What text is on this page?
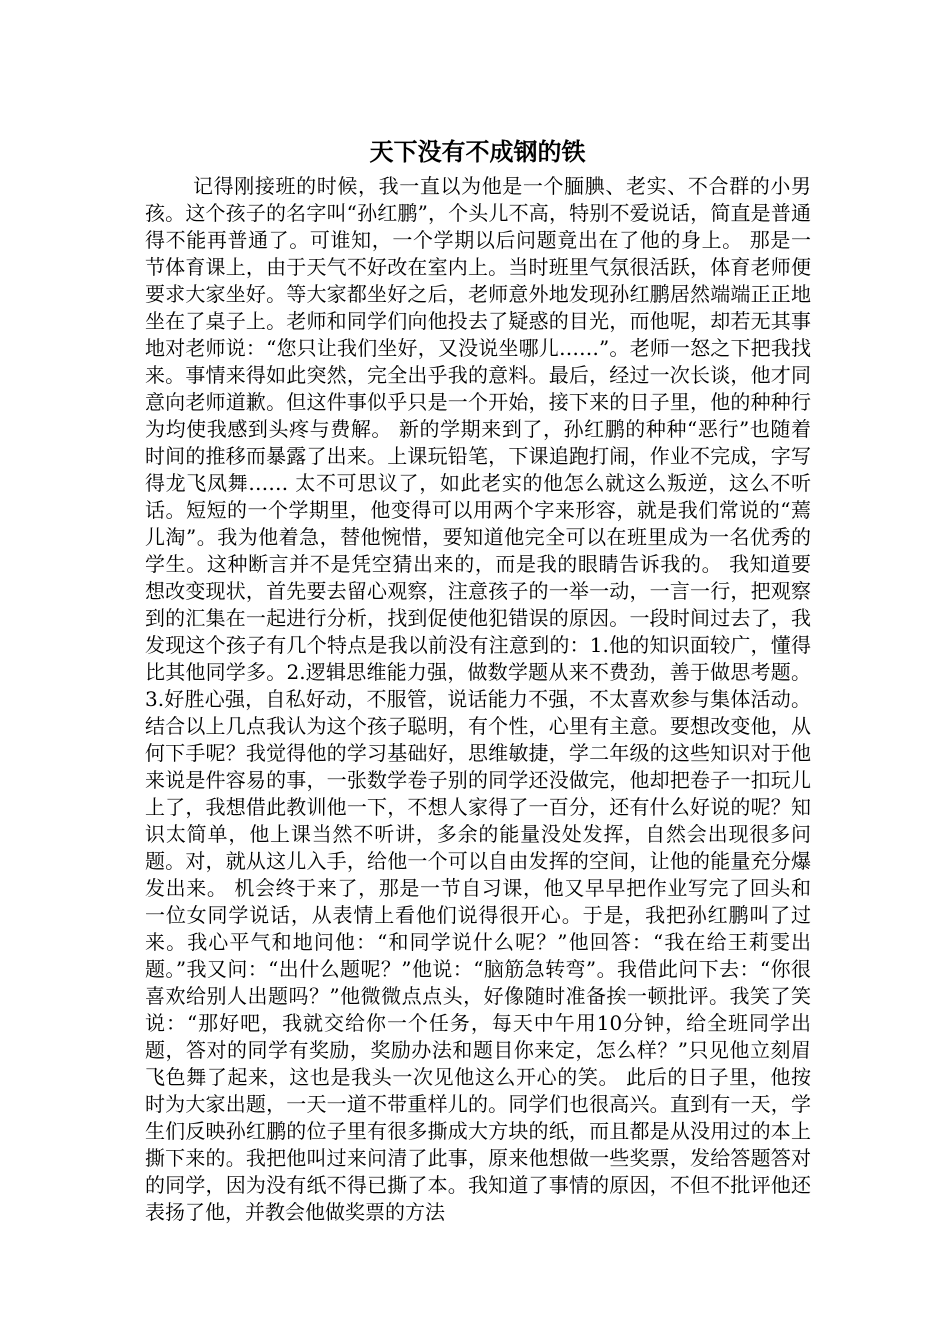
天下没有不成钢的铁

记得刚接班的时候，我一直以为他是一个腼腆、老实、不合群的小男孩。这个孩子的名字叫“孙红鹏”，个头儿不高，特别不爱说话，简直是普通得不能再普通了。可谁知，一个学期以后问题竟出在了他的身上。 那是一节体育课上，由于天气不好改在室内上。当时班里气氛很活跃，体育老师便要求大家坐好。等大家都坐好之后，老师意外地发现孙红鹏居然端端正正地坐在了桌子上。老师和同学们向他投去了疑惑的目光，而他呢，却若无其事地对老师说：“您只让我们坐好，又没说坐哪儿……”。老师一怒之下把我找来。事情来得如此突然，完全出乎我的意料。最后，经过一次长谈，他才同意向老师道歉。但这件事似乎只是一个开始，接下来的日子里，他的种种行为均使我感到头疼与费解。 新的学期来到了，孙红鹏的种种“恶行”也随着时间的推移而暴露了出来。上课玩铅笔，下课追跑打闹，作业不完成，字写得龙飞凤舞…… 太不可思议了，如此老实的他怎么就这么叛逆，这么不听话。短短的一个学期里，他变得可以用两个字来形容，就是我们常说的“蔫儿淘”。我为他着急，替他惋惜，要知道他完全可以在班里成为一名优秀的学生。这种断言并不是凭空猜出来的，而是我的眼睛告诉我的。 我知道要想改变现状，首先要去留心观察，注意孩子的一举一动，一言一行，把观察到的汇集在一起进行分析，找到促使他犯错误的原因。一段时间过去了，我发现这个孩子有几个特点是我以前没有注意到的：1.他的知识面较广，懂得比其他同学多。2.逻辑思维能力强，做数学题从来不费劲，善于做思考题。3.好胜心强，自私好动，不服管，说话能力不强，不太喜欢参与集体活动。结合以上几点我认为这个孩子聪明，有个性，心里有主意。要想改变他，从何下手呢？我觉得他的学习基础好，思维敏捷，学二年级的这些知识对于他来说是件容易的事，一张数学卷子别的同学还没做完，他却把卷子一扣玩儿上了，我想借此教训他一下，不想人家得了一百分，还有什么好说的呢？知识太简单，他上课当然不听讲，多余的能量没处发挥，自然会出现很多问题。对，就从这儿入手，给他一个可以自由发挥的空间，让他的能量充分爆发出来。 机会终于来了，那是一节自习课，他又早早把作业写完了回头和一位女同学说话，从表情上看他们说得很开心。于是，我把孙红鹏叫了过来。我心平气和地问他：“和同学说什么呢？”他回答：“我在给王莉雯出题。”我又问：“出什么题呢？”他说：“脑筋急转弯”。我借此问下去：“你很喜欢给别人出题吗？”他微微点点头，好像随时准备挨一顿批评。我笑了笑说：“那好吧，我就交给你一个任务，每天中午用10分钟，给全班同学出题，答对的同学有奖励，奖励办法和题目你来定，怎么样？”只见他立刻眉飞色舞了起来，这也是我头一次见他这么开心的笑。 此后的日子里，他按时为大家出题，一天一道不带重样儿的。同学们也很高兴。直到有一天，学生们反映孙红鹏的位子里有很多撕成大方块的纸，而且都是从没用过的本上撕下来的。我把他叫过来问清了此事，原来他想做一些奖票，发给答题答对的同学，因为没有纸不得已撕了本。我知道了事情的原因，不但不批评他还表扬了他，并教会他做奖票的方法
